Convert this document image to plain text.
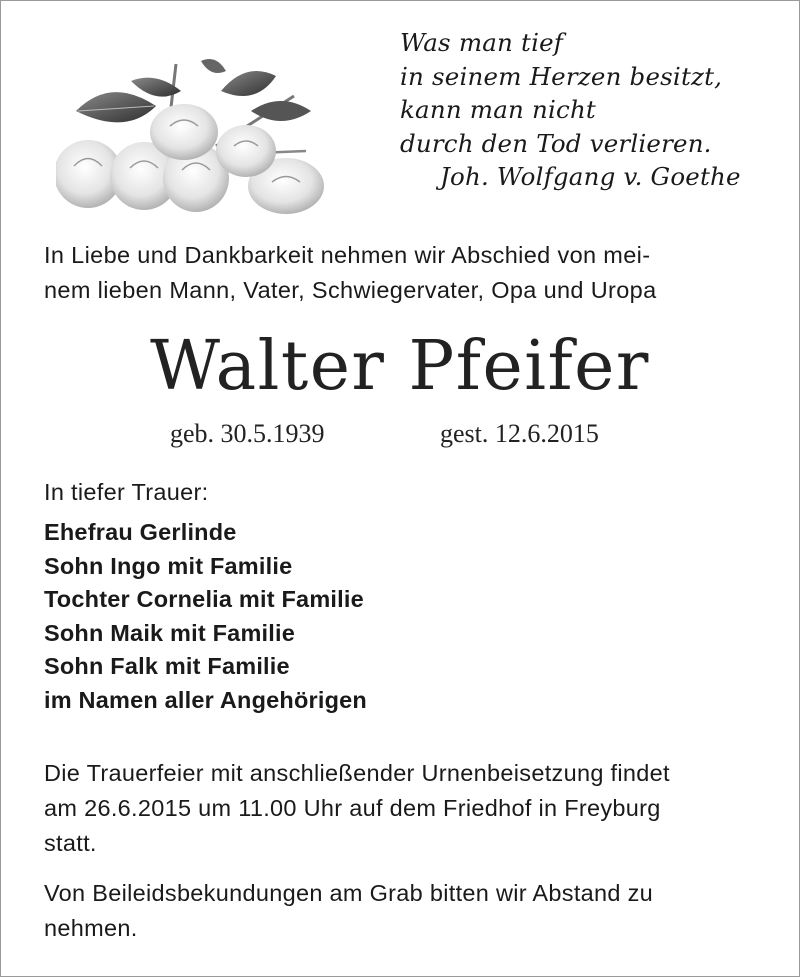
Was man tief
in seinem Herzen besitzt,
kann man nicht
durch den Tod verlieren.
Joh. Wolfgang v. Goethe
In Liebe und Dankbarkeit nehmen wir Abschied von mei-
nem lieben Mann, Vater, Schwiegervater, Opa und Uropa
Walter Pfeifer
geb. 30.5.1939	gest. 12.6.2015
In tiefer Trauer:
Ehefrau Gerlinde
Sohn Ingo mit Familie
Tochter Cornelia mit Familie
Sohn Maik mit Familie
Sohn Falk mit Familie
im Namen aller Angehörigen
Die Trauerfeier mit anschließender Urnenbeisetzung findet
am 26.6.2015 um 11.00 Uhr auf dem Friedhof in Freyburg
statt.
Von Beileidsbekundungen am Grab bitten wir Abstand zu
nehmen.
